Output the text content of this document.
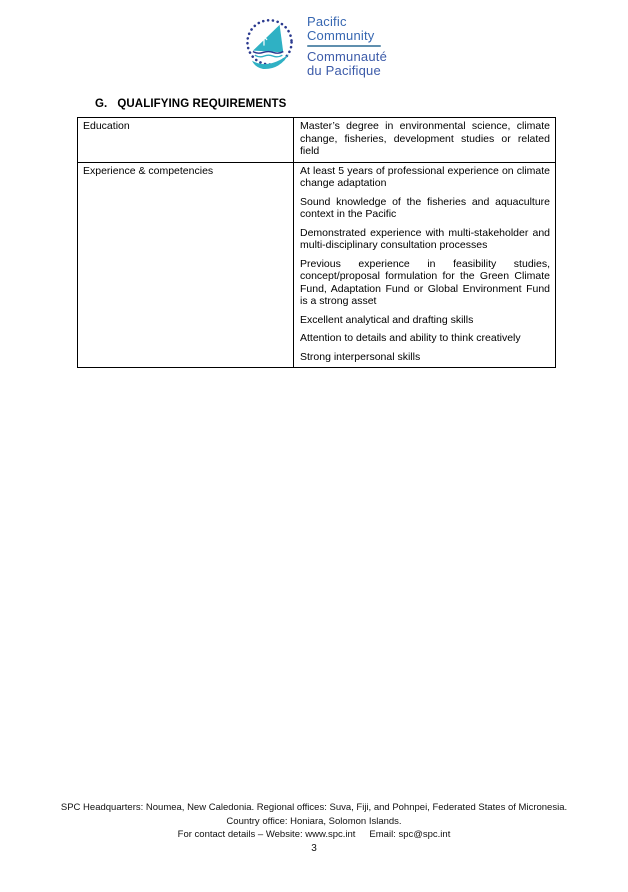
Pacific
Community
Communauté
du Pacifique
G. QUALIFYING REQUIREMENTS
Education	Master’s degree in environmental science, climate change, fisheries, development studies or related field

Experience & competencies	At least 5 years of professional experience on climate change adaptation

Sound knowledge of the fisheries and aquaculture context in the Pacific

Demonstrated experience with multi-stakeholder and multi-disciplinary consultation processes

Previous experience in feasibility studies, concept/proposal formulation for the Green Climate Fund, Adaptation Fund or Global Environment Fund is a strong asset

Excellent analytical and drafting skills

Attention to details and ability to think creatively

Strong interpersonal skills

SPC Headquarters: Noumea, New Caledonia. Regional offices: Suva, Fiji, and Pohnpei, Federated States of Micronesia.
Country office: Honiara, Solomon Islands.
For contact details – Website: www.spc.int Email: spc@spc.int
3
